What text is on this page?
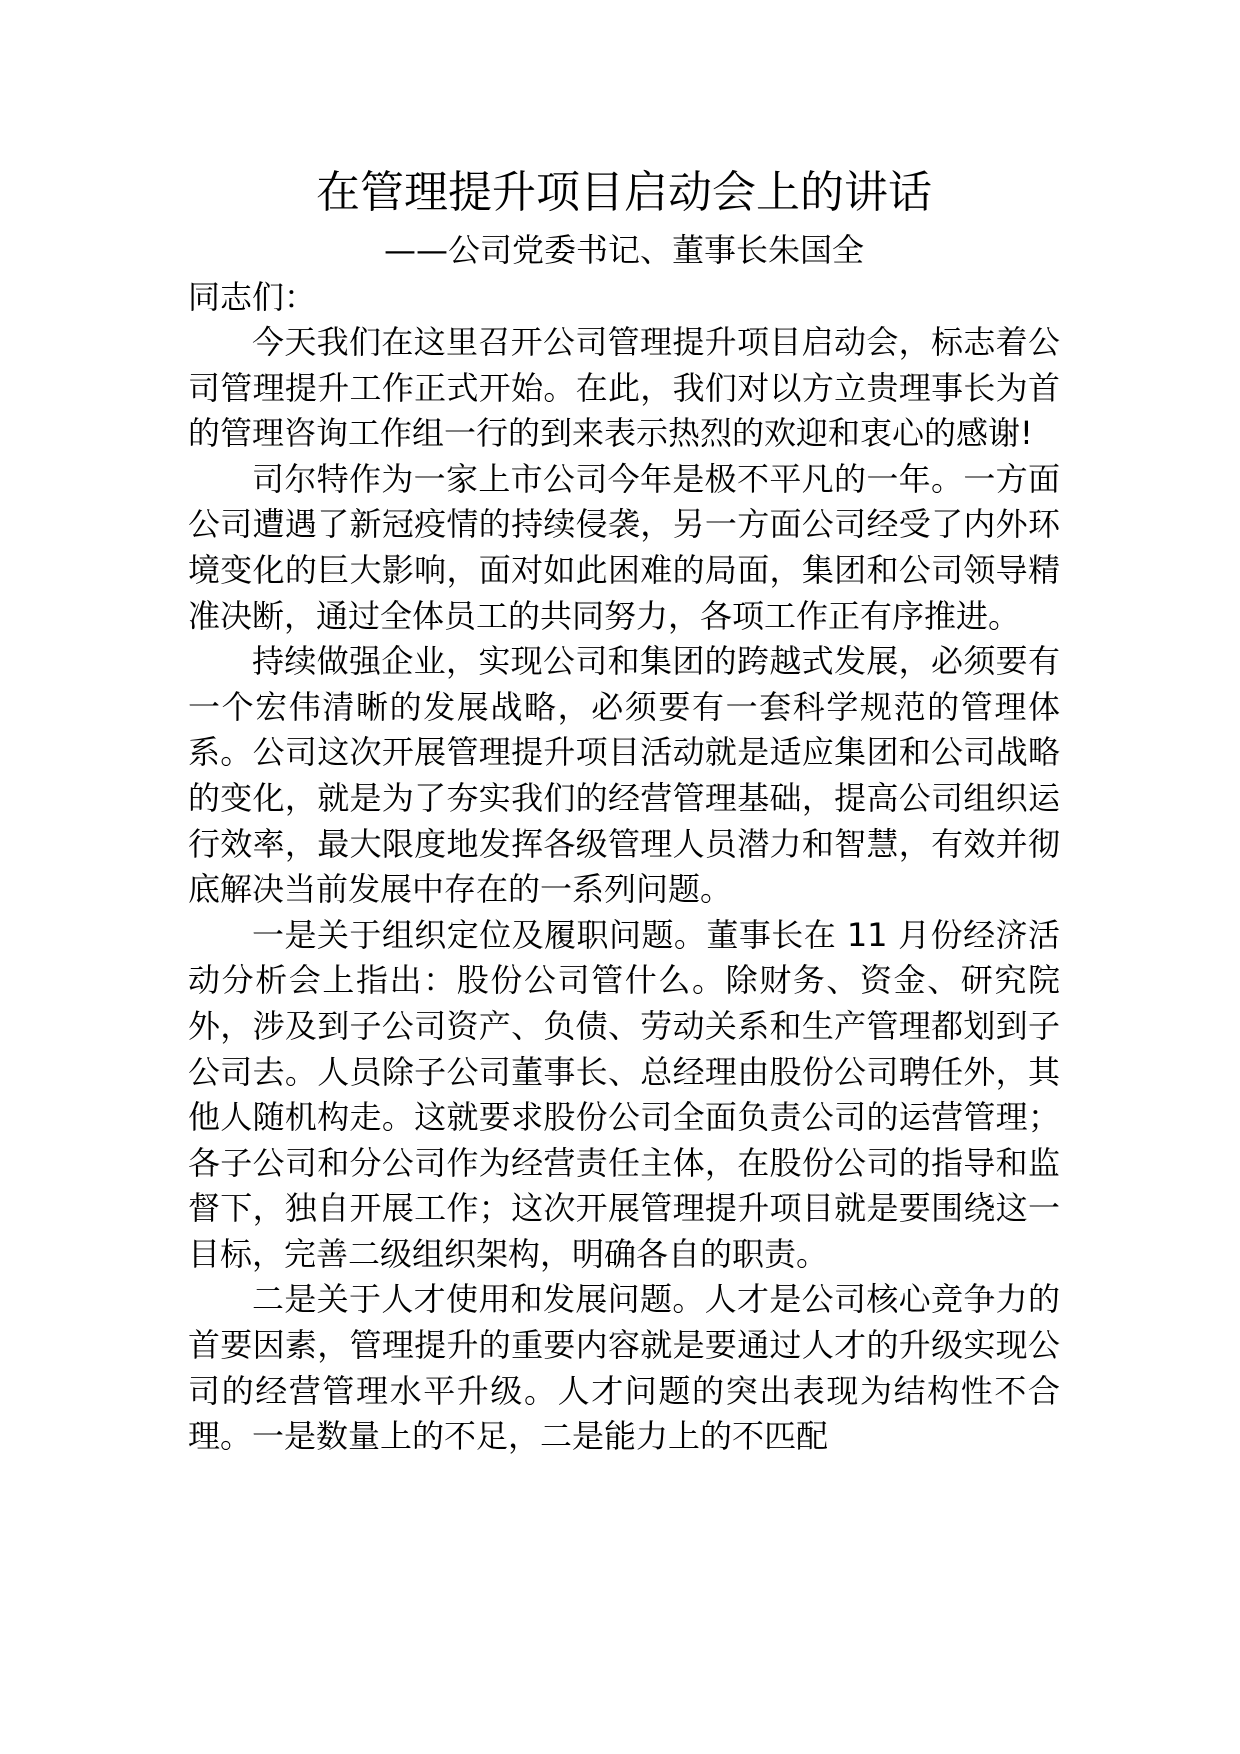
在管理提升项目启动会上的讲话
——公司党委书记、董事长朱国全

同志们：

今天我们在这里召开公司管理提升项目启动会，标志着公司管理提升工作正式开始。在此，我们对以方立贵理事长为首的管理咨询工作组一行的到来表示热烈的欢迎和衷心的感谢!

司尔特作为一家上市公司今年是极不平凡的一年。一方面公司遭遇了新冠疫情的持续侵袭，另一方面公司经受了内外环境变化的巨大影响，面对如此困难的局面，集团和公司领导精准决断，通过全体员工的共同努力，各项工作正有序推进。

持续做强企业，实现公司和集团的跨越式发展，必须要有一个宏伟清晰的发展战略，必须要有一套科学规范的管理体系。公司这次开展管理提升项目活动就是适应集团和公司战略的变化，就是为了夯实我们的经营管理基础，提高公司组织运行效率，最大限度地发挥各级管理人员潜力和智慧，有效并彻底解决当前发展中存在的一系列问题。

一是关于组织定位及履职问题。董事长在 11 月份经济活动分析会上指出：股份公司管什么。除财务、资金、研究院外，涉及到子公司资产、负债、劳动关系和生产管理都划到子公司去。人员除子公司董事长、总经理由股份公司聘任外，其他人随机构走。这就要求股份公司全面负责公司的运营管理；各子公司和分公司作为经营责任主体，在股份公司的指导和监督下，独自开展工作；这次开展管理提升项目就是要围绕这一目标，完善二级组织架构，明确各自的职责。

二是关于人才使用和发展问题。人才是公司核心竞争力的首要因素，管理提升的重要内容就是要通过人才的升级实现公司的经营管理水平升级。人才问题的突出表现为结构性不合理。一是数量上的不足，二是能力上的不匹配
